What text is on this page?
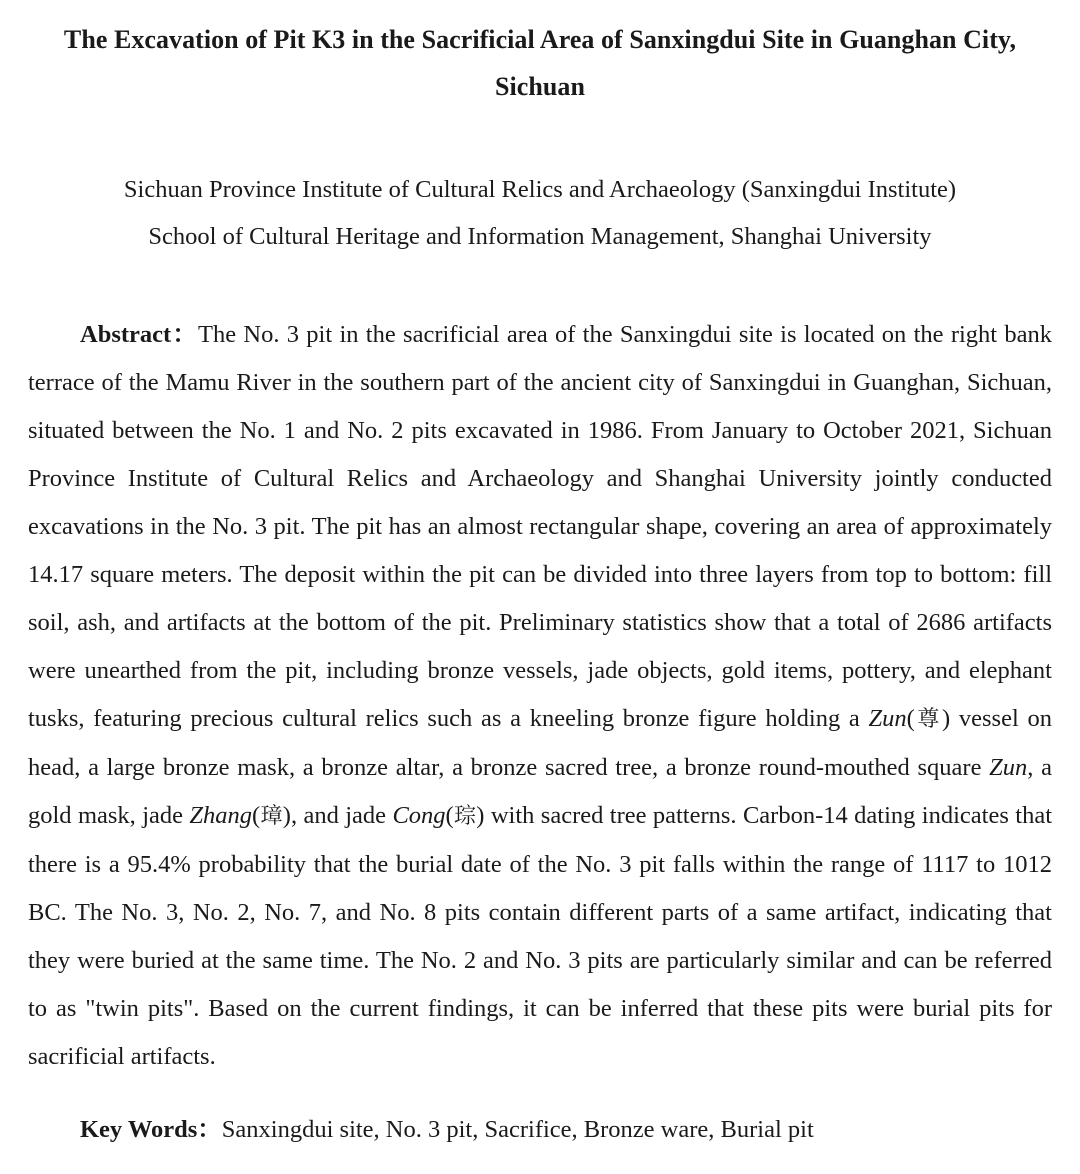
The Excavation of Pit K3 in the Sacrificial Area of Sanxingdui Site in Guanghan City,
Sichuan
Sichuan Province Institute of Cultural Relics and Archaeology (Sanxingdui Institute)
School of Cultural Heritage and Information Management, Shanghai University

Abstract：The No. 3 pit in the sacrificial area of the Sanxingdui site is located on the right bank terrace of the Mamu River in the southern part of the ancient city of Sanxingdui in Guanghan, Sichuan, situated between the No. 1 and No. 2 pits excavated in 1986. From January to October 2021, Sichuan Province Institute of Cultural Relics and Archaeology and Shanghai University jointly conducted excavations in the No. 3 pit. The pit has an almost rectangular shape, covering an area of approximately 14.17 square meters. The deposit within the pit can be divided into three layers from top to bottom: fill soil, ash, and artifacts at the bottom of the pit. Preliminary statistics show that a total of 2686 artifacts were unearthed from the pit, including bronze vessels, jade objects, gold items, pottery, and elephant tusks, featuring precious cultural relics such as a kneeling bronze figure holding a Zun(尊) vessel on head, a large bronze mask, a bronze altar, a bronze sacred tree, a bronze round-mouthed square Zun, a gold mask, jade Zhang(璋), and jade Cong(琮) with sacred tree patterns. Carbon-14 dating indicates that there is a 95.4% probability that the burial date of the No. 3 pit falls within the range of 1117 to 1012 BC. The No. 3, No. 2, No. 7, and No. 8 pits contain different parts of a same artifact, indicating that they were buried at the same time. The No. 2 and No. 3 pits are particularly similar and can be referred to as "twin pits". Based on the current findings, it can be inferred that these pits were burial pits for sacrificial artifacts.

Key Words：Sanxingdui site, No. 3 pit, Sacrifice, Bronze ware, Burial pit
